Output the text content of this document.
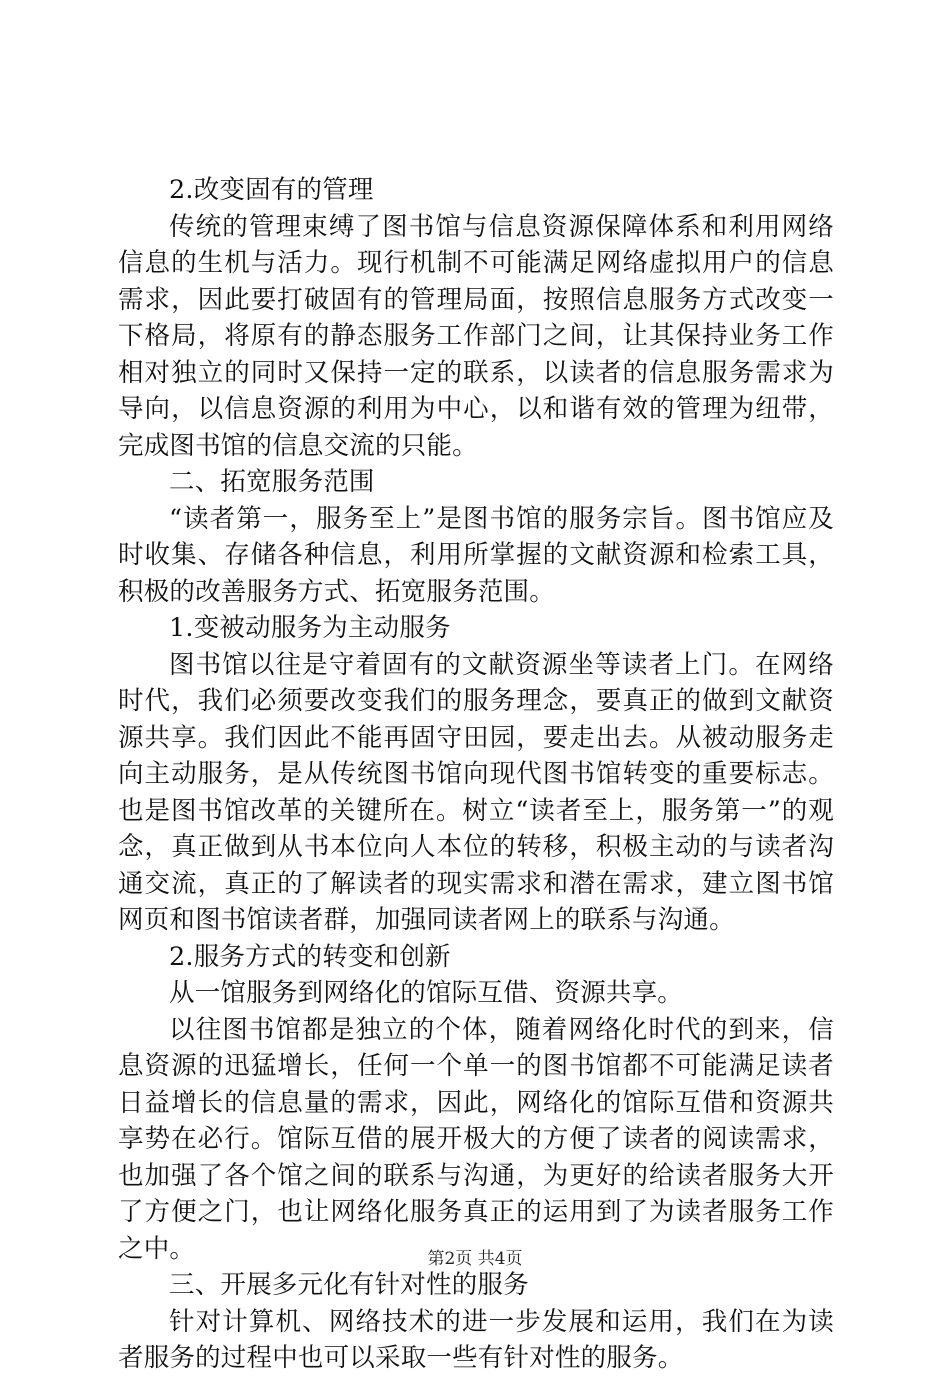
2.改变固有的管理

传统的管理束缚了图书馆与信息资源保障体系和利用网络信息的生机与活力。现行机制不可能满足网络虚拟用户的信息需求，因此要打破固有的管理局面，按照信息服务方式改变一下格局，将原有的静态服务工作部门之间，让其保持业务工作相对独立的同时又保持一定的联系，以读者的信息服务需求为导向，以信息资源的利用为中心，以和谐有效的管理为纽带，完成图书馆的信息交流的只能。

二、拓宽服务范围

“读者第一，服务至上”是图书馆的服务宗旨。图书馆应及时收集、存储各种信息，利用所掌握的文献资源和检索工具，积极的改善服务方式、拓宽服务范围。

1.变被动服务为主动服务

图书馆以往是守着固有的文献资源坐等读者上门。在网络时代，我们必须要改变我们的服务理念，要真正的做到文献资源共享。我们因此不能再固守田园，要走出去。从被动服务走向主动服务，是从传统图书馆向现代图书馆转变的重要标志。也是图书馆改革的关键所在。树立“读者至上，服务第一”的观念，真正做到从书本位向人本位的转移，积极主动的与读者沟通交流，真正的了解读者的现实需求和潜在需求，建立图书馆网页和图书馆读者群，加强同读者网上的联系与沟通。

2.服务方式的转变和创新

从一馆服务到网络化的馆际互借、资源共享。

以往图书馆都是独立的个体，随着网络化时代的到来，信息资源的迅猛增长，任何一个单一的图书馆都不可能满足读者日益增长的信息量的需求，因此，网络化的馆际互借和资源共享势在必行。馆际互借的展开极大的方便了读者的阅读需求，也加强了各个馆之间的联系与沟通，为更好的给读者服务大开了方便之门，也让网络化服务真正的运用到了为读者服务工作之中。

三、开展多元化有针对性的服务

针对计算机、网络技术的进一步发展和运用，我们在为读者服务的过程中也可以采取一些有针对性的服务。

第2页 共4页
